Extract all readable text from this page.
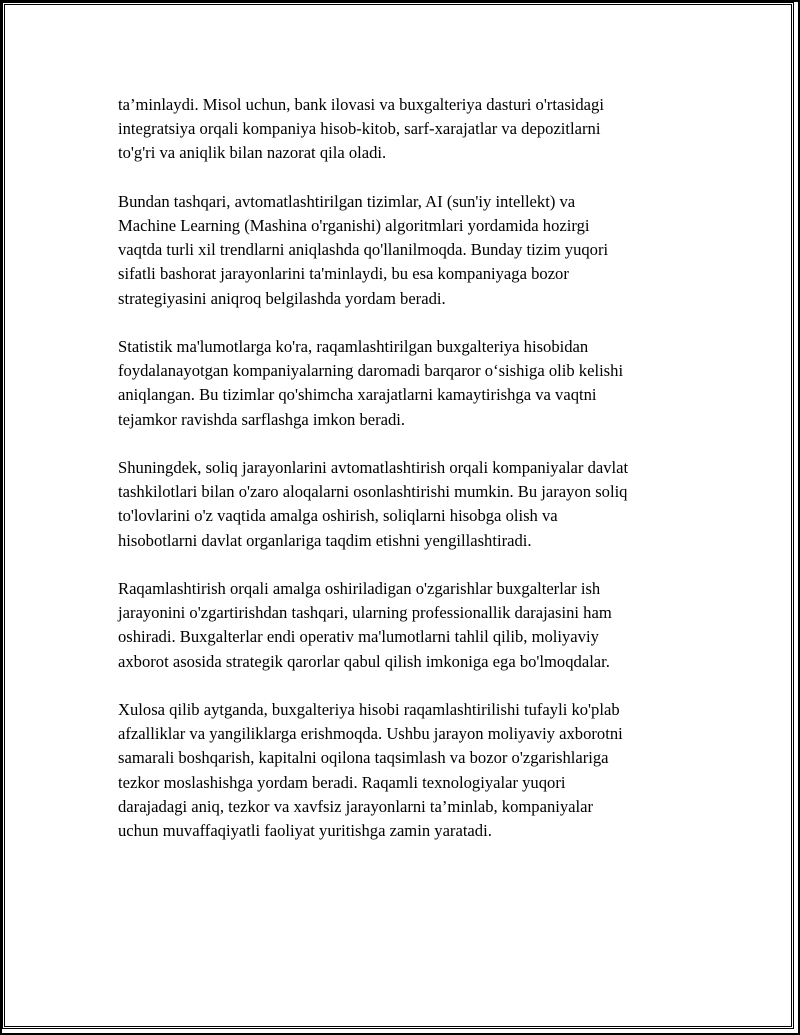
ta’minlaydi. Misol uchun, bank ilovasi va buxgalteriya dasturi o'rtasidagi
integratsiya orqali kompaniya hisob-kitob, sarf-xarajatlar va depozitlarni
to'g'ri va aniqlik bilan nazorat qila oladi.

Bundan tashqari, avtomatlashtirilgan tizimlar, AI (sun'iy intellekt) va
Machine Learning (Mashina o'rganishi) algoritmlari yordamida hozirgi
vaqtda turli xil trendlarni aniqlashda qo'llanilmoqda. Bunday tizim yuqori
sifatli bashorat jarayonlarini ta'minlaydi, bu esa kompaniyaga bozor
strategiyasini aniqroq belgilashda yordam beradi.

Statistik ma'lumotlarga ko'ra, raqamlashtirilgan buxgalteriya hisobidan
foydalanayotgan kompaniyalarning daromadi barqaror o‘sishiga olib kelishi
aniqlangan. Bu tizimlar qo'shimcha xarajatlarni kamaytirishga va vaqtni
tejamkor ravishda sarflashga imkon beradi.

Shuningdek, soliq jarayonlarini avtomatlashtirish orqali kompaniyalar davlat
tashkilotlari bilan o'zaro aloqalarni osonlashtirishi mumkin. Bu jarayon soliq
to'lovlarini o'z vaqtida amalga oshirish, soliqlarni hisobga olish va
hisobotlarni davlat organlariga taqdim etishni yengillashtiradi.

Raqamlashtirish orqali amalga oshiriladigan o'zgarishlar buxgalterlar ish
jarayonini o'zgartirishdan tashqari, ularning professionallik darajasini ham
oshiradi. Buxgalterlar endi operativ ma'lumotlarni tahlil qilib, moliyaviy
axborot asosida strategik qarorlar qabul qilish imkoniga ega bo'lmoqdalar.

Xulosa qilib aytganda, buxgalteriya hisobi raqamlashtirilishi tufayli ko'plab
afzalliklar va yangiliklarga erishmoqda. Ushbu jarayon moliyaviy axborotni
samarali boshqarish, kapitalni oqilona taqsimlash va bozor o'zgarishlariga
tezkor moslashishga yordam beradi. Raqamli texnologiyalar yuqori
darajadagi aniq, tezkor va xavfsiz jarayonlarni ta’minlab, kompaniyalar
uchun muvaffaqiyatli faoliyat yuritishga zamin yaratadi.
